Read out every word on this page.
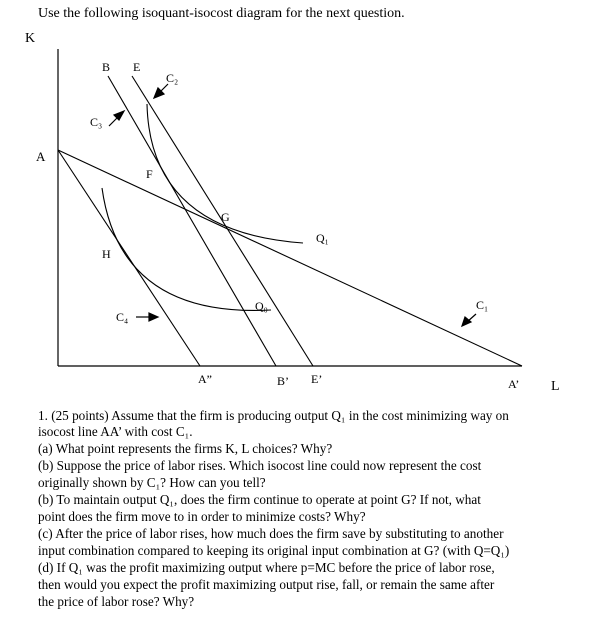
Use the following isoquant-isocost diagram for the next question.
K
L
A
B E
F
G
H
A”	B’ E’	A’
C₁
C₂
C₃
C₄
Q₀
Q₁
1. (25 points) Assume that the firm is producing output Q₁ in the cost minimizing way on
isocost line AA’ with cost C₁.
(a) What point represents the firms K, L choices? Why?
(b) Suppose the price of labor rises. Which isocost line could now represent the cost
originally shown by C₁? How can you tell?
(b) To maintain output Q₁, does the firm continue to operate at point G? If not, what
point does the firm move to in order to minimize costs? Why?
(c) After the price of labor rises, how much does the firm save by substituting to another
input combination compared to keeping its original input combination at G? (with Q=Q₁)
(d) If Q₁ was the profit maximizing output where p=MC before the price of labor rose,
then would you expect the profit maximizing output rise, fall, or remain the same after
the price of labor rose? Why?
